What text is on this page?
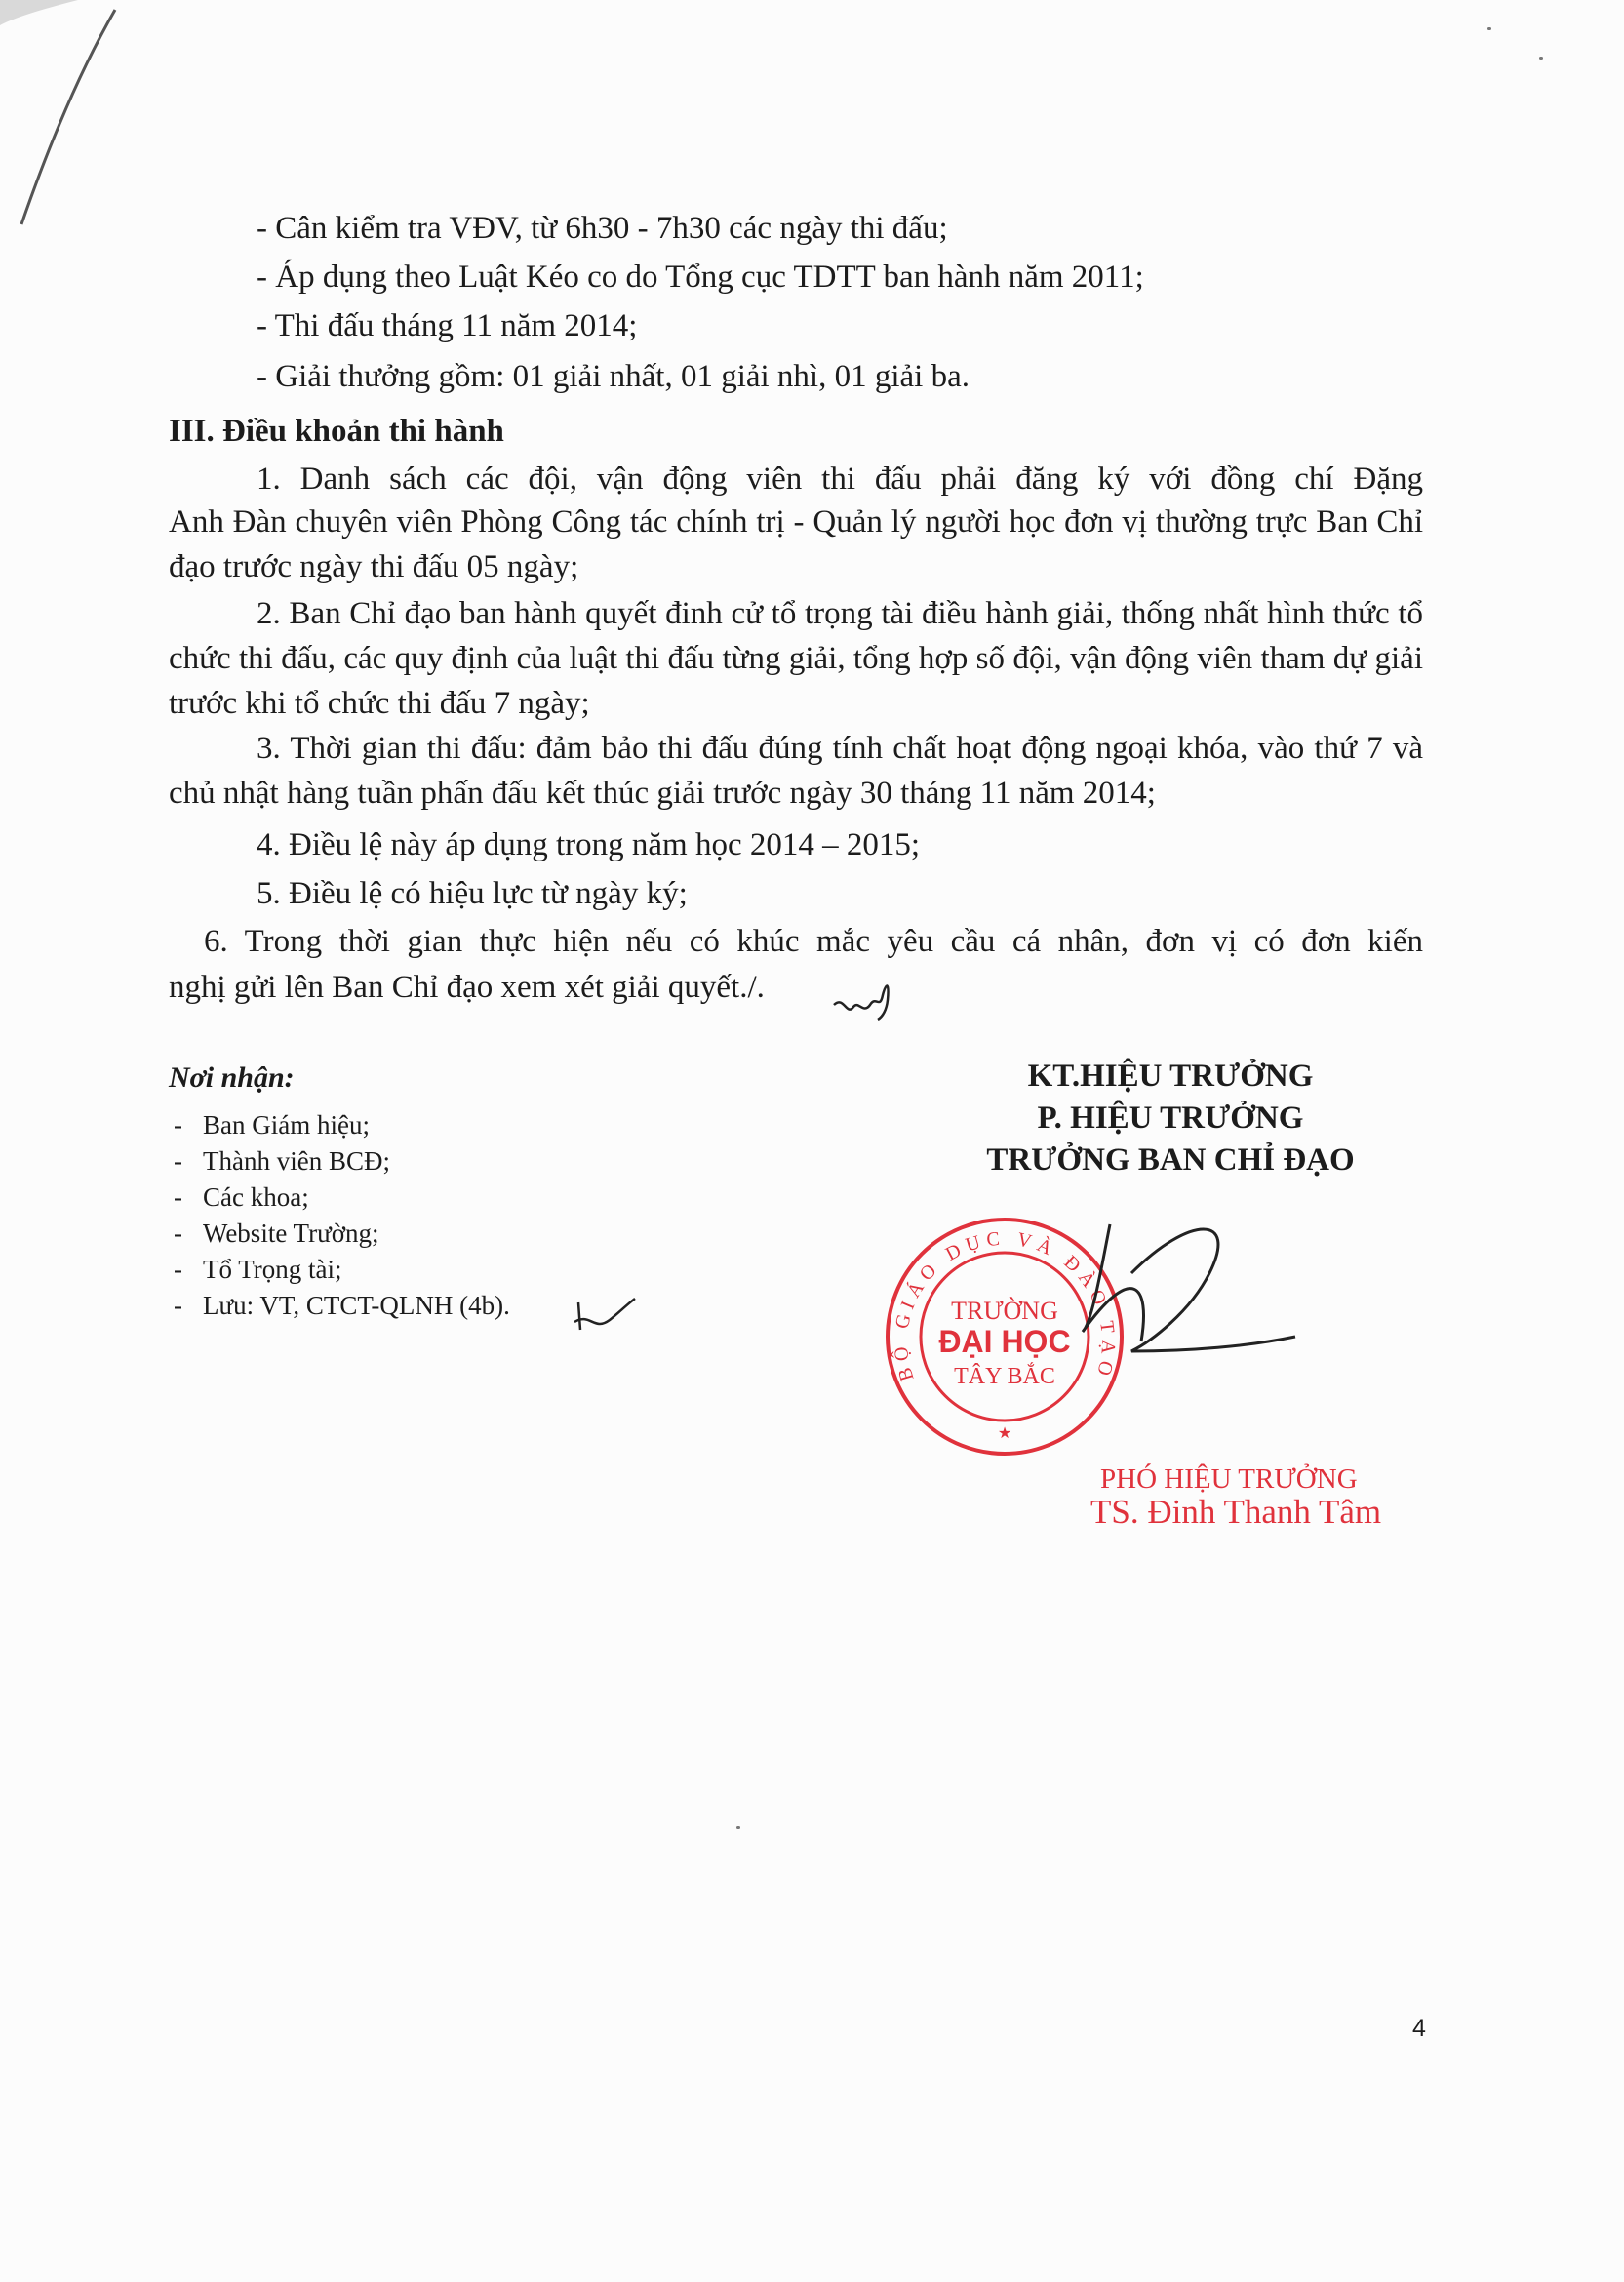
- Cân kiểm tra VĐV, từ 6h30 - 7h30 các ngày thi đấu;
- Áp dụng theo Luật Kéo co do Tổng cục TDTT ban hành năm 2011;
- Thi đấu tháng 11 năm 2014;
- Giải thưởng gồm: 01 giải nhất, 01 giải nhì, 01 giải ba.
III. Điều khoản thi hành
1. Danh sách các đội, vận động viên thi đấu phải đăng ký với đồng chí Đặng
Anh Đàn chuyên viên Phòng Công tác chính trị - Quản lý người học đơn vị thường trực Ban Chỉ đạo trước ngày thi đấu 05 ngày;
2. Ban Chỉ đạo ban hành quyết đinh cử tổ trọng tài điều hành giải, thống nhất hình thức tổ chức thi đấu, các quy định của luật thi đấu từng giải, tổng hợp số đội, vận động viên tham dự giải trước khi tổ chức thi đấu 7 ngày;
3. Thời gian thi đấu: đảm bảo thi đấu đúng tính chất hoạt động ngoại khóa, vào thứ 7 và chủ nhật hàng tuần phấn đấu kết thúc giải trước ngày 30 tháng 11 năm 2014;
4. Điều lệ này áp dụng trong năm học 2014 – 2015;
5. Điều lệ có hiệu lực từ ngày ký;
6. Trong thời gian thực hiện nếu có khúc mắc yêu cầu cá nhân, đơn vị có đơn kiến
nghị gửi lên Ban Chỉ đạo xem xét giải quyết./.
Nơi nhận:
- Ban Giám hiệu;
- Thành viên BCĐ;
- Các khoa;
- Website Trường;
- Tổ Trọng tài;
- Lưu: VT, CTCT-QLNH (4b).
KT.HIỆU TRƯỞNG
P. HIỆU TRƯỞNG
TRƯỞNG BAN CHỈ ĐẠO
TRƯỜNG
ĐẠI HỌC
TÂY BẮC
★
BỘ GIÁO DỤC VÀ ĐÀO TẠO
PHÓ HIỆU TRƯỞNG
TS. Đinh Thanh Tâm
4
